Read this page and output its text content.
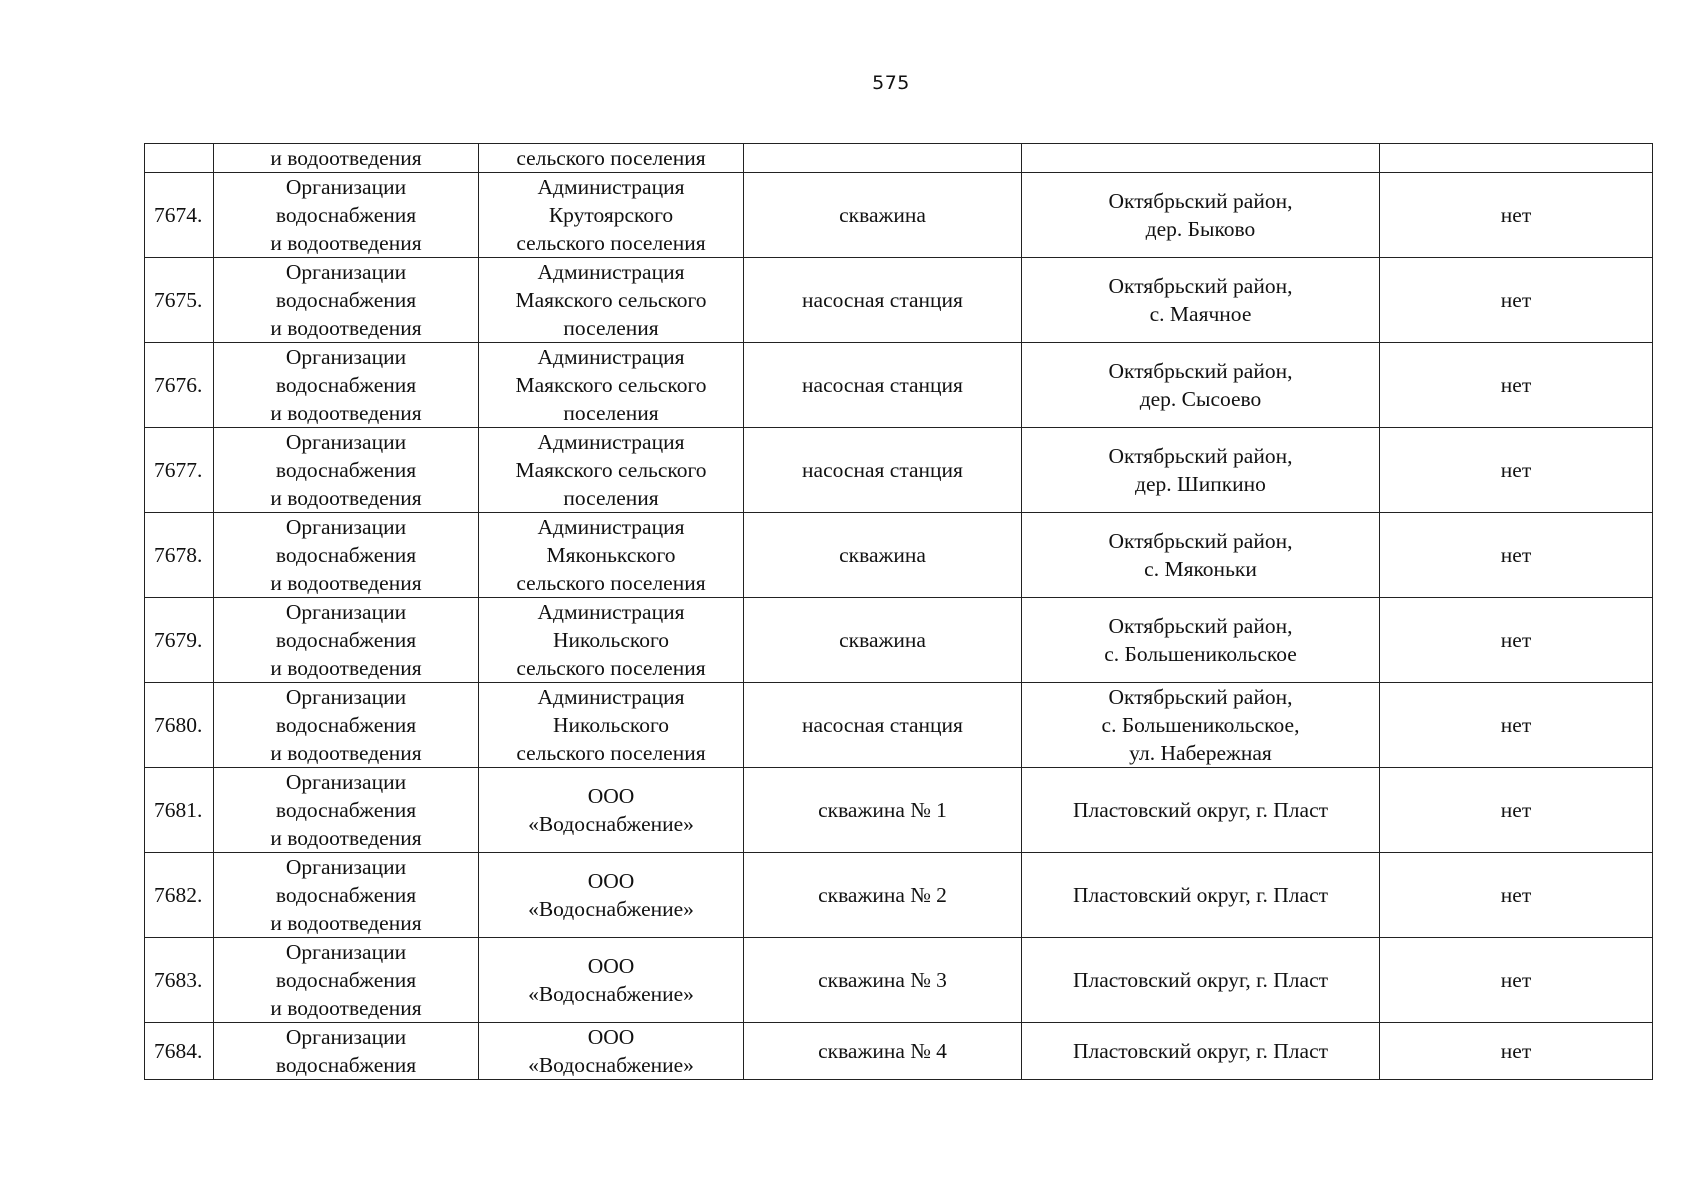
575
	и водоотведения	сельского поселения			
7674.	Организации
водоснабжения
и водоотведения	Администрация
Крутоярского
сельского поселения	скважина	Октябрьский район,
дер. Быково	нет
7675.	Организации
водоснабжения
и водоотведения	Администрация
Маякского сельского
поселения	насосная станция	Октябрьский район,
с. Маячное	нет
7676.	Организации
водоснабжения
и водоотведения	Администрация
Маякского сельского
поселения	насосная станция	Октябрьский район,
дер. Сысоево	нет
7677.	Организации
водоснабжения
и водоотведения	Администрация
Маякского сельского
поселения	насосная станция	Октябрьский район,
дер. Шипкино	нет
7678.	Организации
водоснабжения
и водоотведения	Администрация
Мяконькского
сельского поселения	скважина	Октябрьский район,
с. Мяконьки	нет
7679.	Организации
водоснабжения
и водоотведения	Администрация
Никольского
сельского поселения	скважина	Октябрьский район,
с. Большеникольское	нет
7680.	Организации
водоснабжения
и водоотведения	Администрация
Никольского
сельского поселения	насосная станция	Октябрьский район,
с. Большеникольское,
ул. Набережная	нет
7681.	Организации
водоснабжения
и водоотведения	ООО
«Водоснабжение»	скважина № 1	Пластовский округ, г. Пласт	нет
7682.	Организации
водоснабжения
и водоотведения	ООО
«Водоснабжение»	скважина № 2	Пластовский округ, г. Пласт	нет
7683.	Организации
водоснабжения
и водоотведения	ООО
«Водоснабжение»	скважина № 3	Пластовский округ, г. Пласт	нет
7684.	Организации
водоснабжения	ООО
«Водоснабжение»	скважина № 4	Пластовский округ, г. Пласт	нет
